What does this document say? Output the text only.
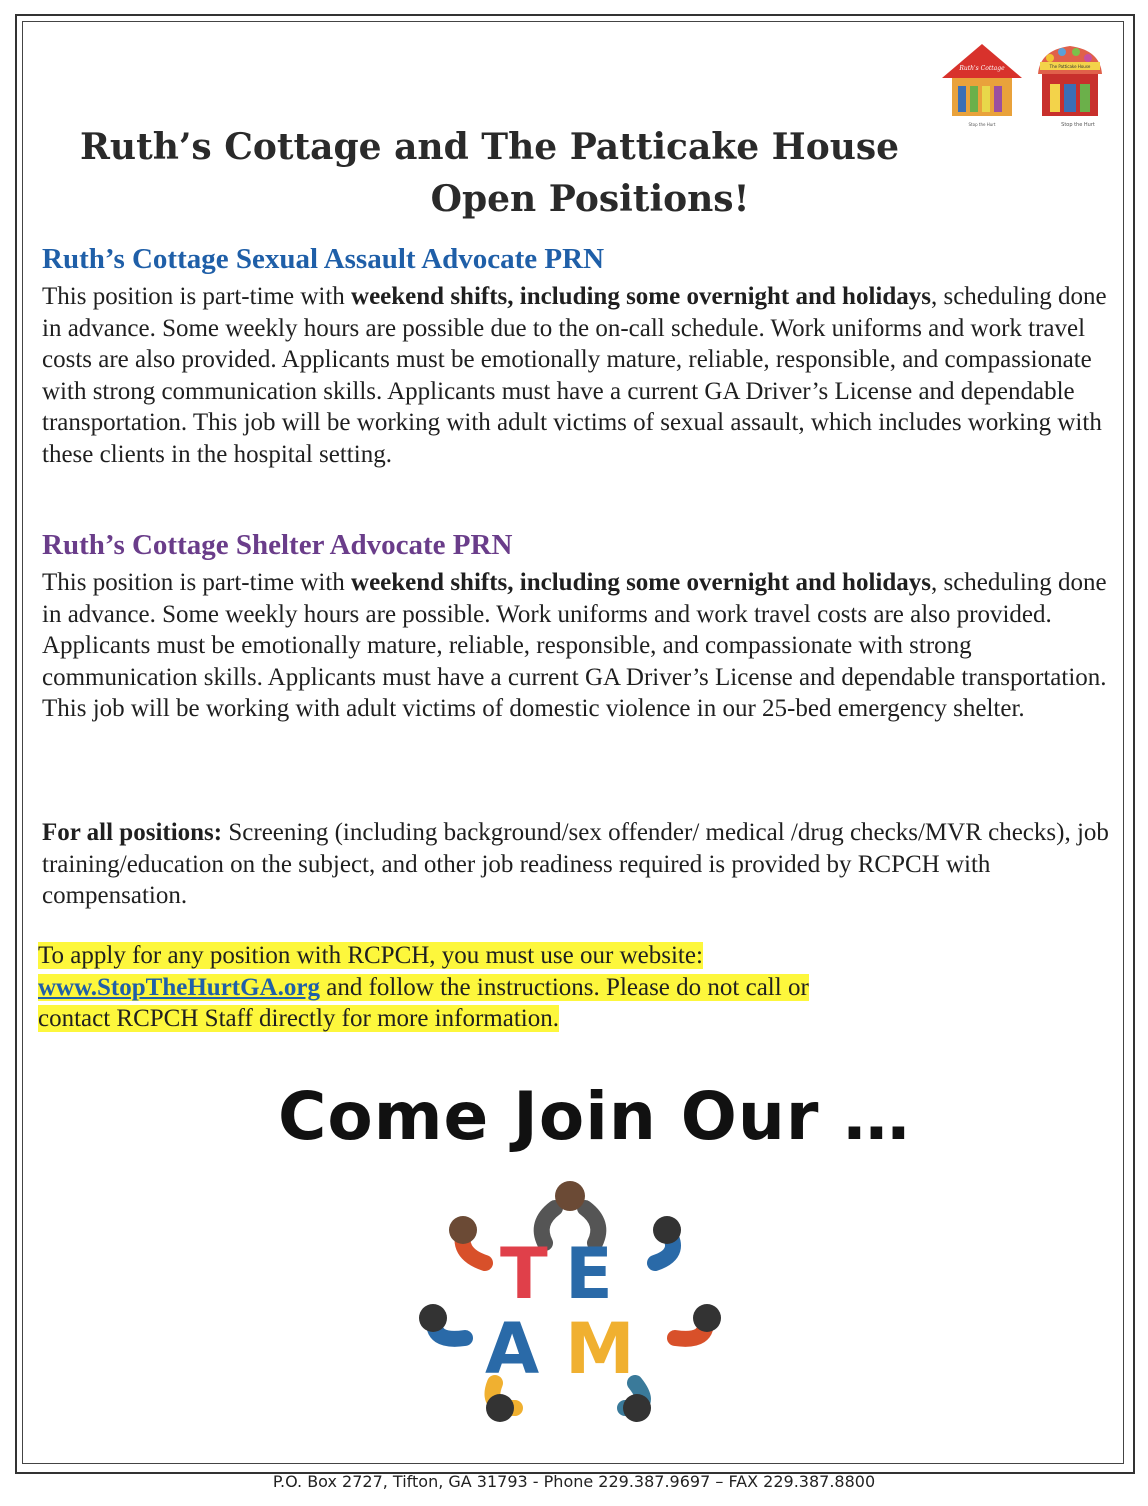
Ruth's Cottage
Stop the Hurt
The Patticake House
Stop the Hurt
Ruth’s Cottage and The Patticake House
Open Positions!
Ruth’s Cottage Sexual Assault Advocate PRN
This position is part-time with weekend shifts, including some overnight and holidays, scheduling done in advance. Some weekly hours are possible due to the on-call schedule. Work uniforms and work travel costs are also provided. Applicants must be emotionally mature, reliable, responsible, and compassionate with strong communication skills. Applicants must have a current GA Driver’s License and dependable transportation. This job will be working with adult victims of sexual assault, which includes working with these clients in the hospital setting.
Ruth’s Cottage Shelter Advocate PRN
This position is part-time with weekend shifts, including some overnight and holidays, scheduling done in advance. Some weekly hours are possible. Work uniforms and work travel costs are also provided. Applicants must be emotionally mature, reliable, responsible, and compassionate with strong communication skills. Applicants must have a current GA Driver’s License and dependable transportation. This job will be working with adult victims of domestic violence in our 25-bed emergency shelter.
For all positions: Screening (including background/sex offender/ medical /drug checks/MVR checks), job training/education on the subject, and other job readiness required is provided by RCPCH with compensation.
To apply for any position with RCPCH, you must use our website:
www.StopTheHurtGA.org and follow the instructions. Please do not call or
contact RCPCH Staff directly for more information.
Come Join Our …
T E
A M
P.O. Box 2727, Tifton, GA 31793 - Phone 229.387.9697 – FAX 229.387.8800
